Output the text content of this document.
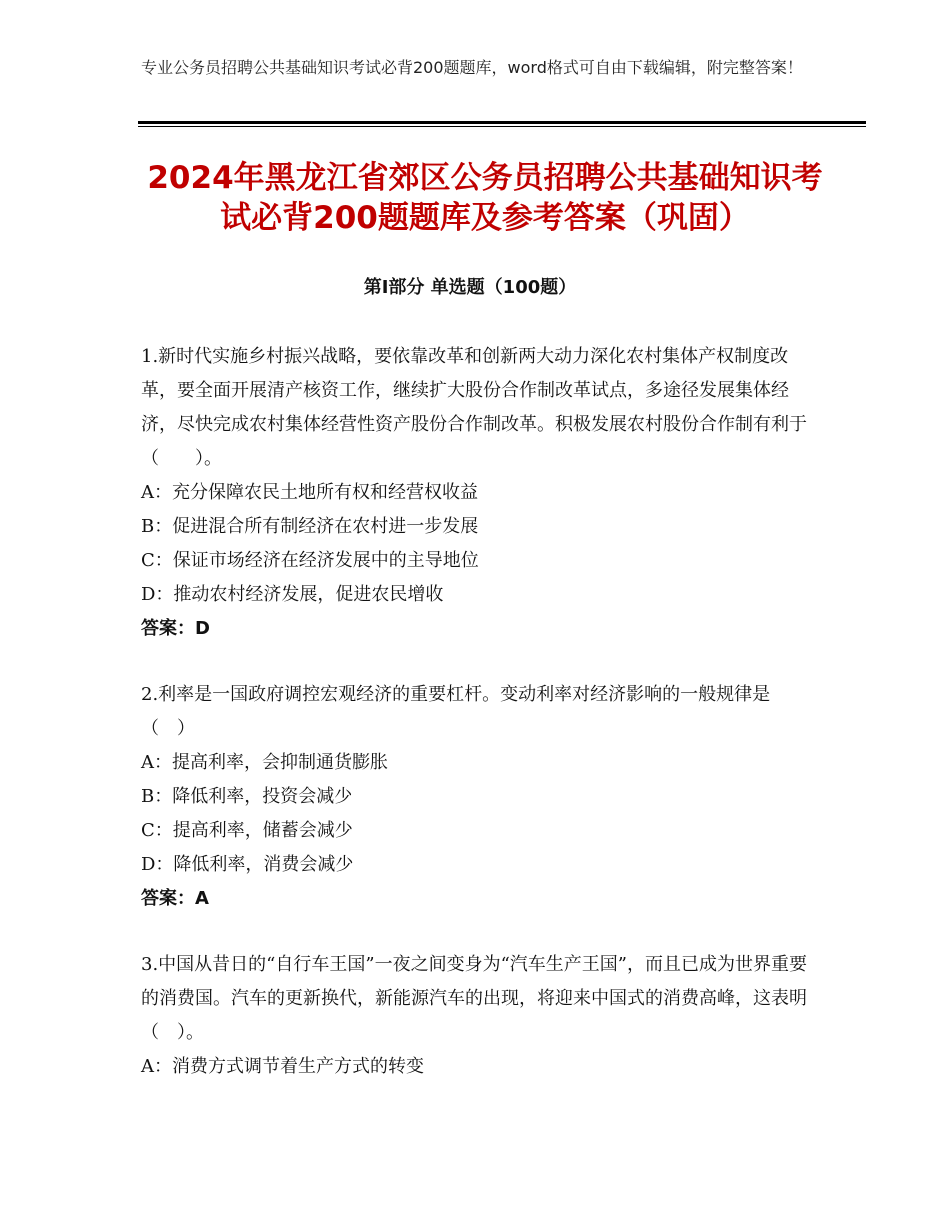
专业公务员招聘公共基础知识考试必背200题题库，word格式可自由下载编辑，附完整答案！
2024年黑龙江省郊区公务员招聘公共基础知识考试必背200题题库及参考答案（巩固）
第Ⅰ部分 单选题（100题）

1.新时代实施乡村振兴战略，要依靠改革和创新两大动力深化农村集体产权制度改革，要全面开展清产核资工作，继续扩大股份合作制改革试点，多途径发展集体经济，尽快完成农村集体经营性资产股份合作制改革。积极发展农村股份合作制有利于（　　）。

A：充分保障农民土地所有权和经营权收益

B：促进混合所有制经济在农村进一步发展

C：保证市场经济在经济发展中的主导地位

D：推动农村经济发展，促进农民增收

答案：D

2.利率是一国政府调控宏观经济的重要杠杆。变动利率对经济影响的一般规律是（　）

A：提高利率，会抑制通货膨胀

B：降低利率，投资会减少

C：提高利率，储蓄会减少

D：降低利率，消费会减少

答案：A

3.中国从昔日的“自行车王国”一夜之间变身为“汽车生产王国”，而且已成为世界重要的消费国。汽车的更新换代，新能源汽车的出现，将迎来中国式的消费高峰，这表明（　）。

A：消费方式调节着生产方式的转变
